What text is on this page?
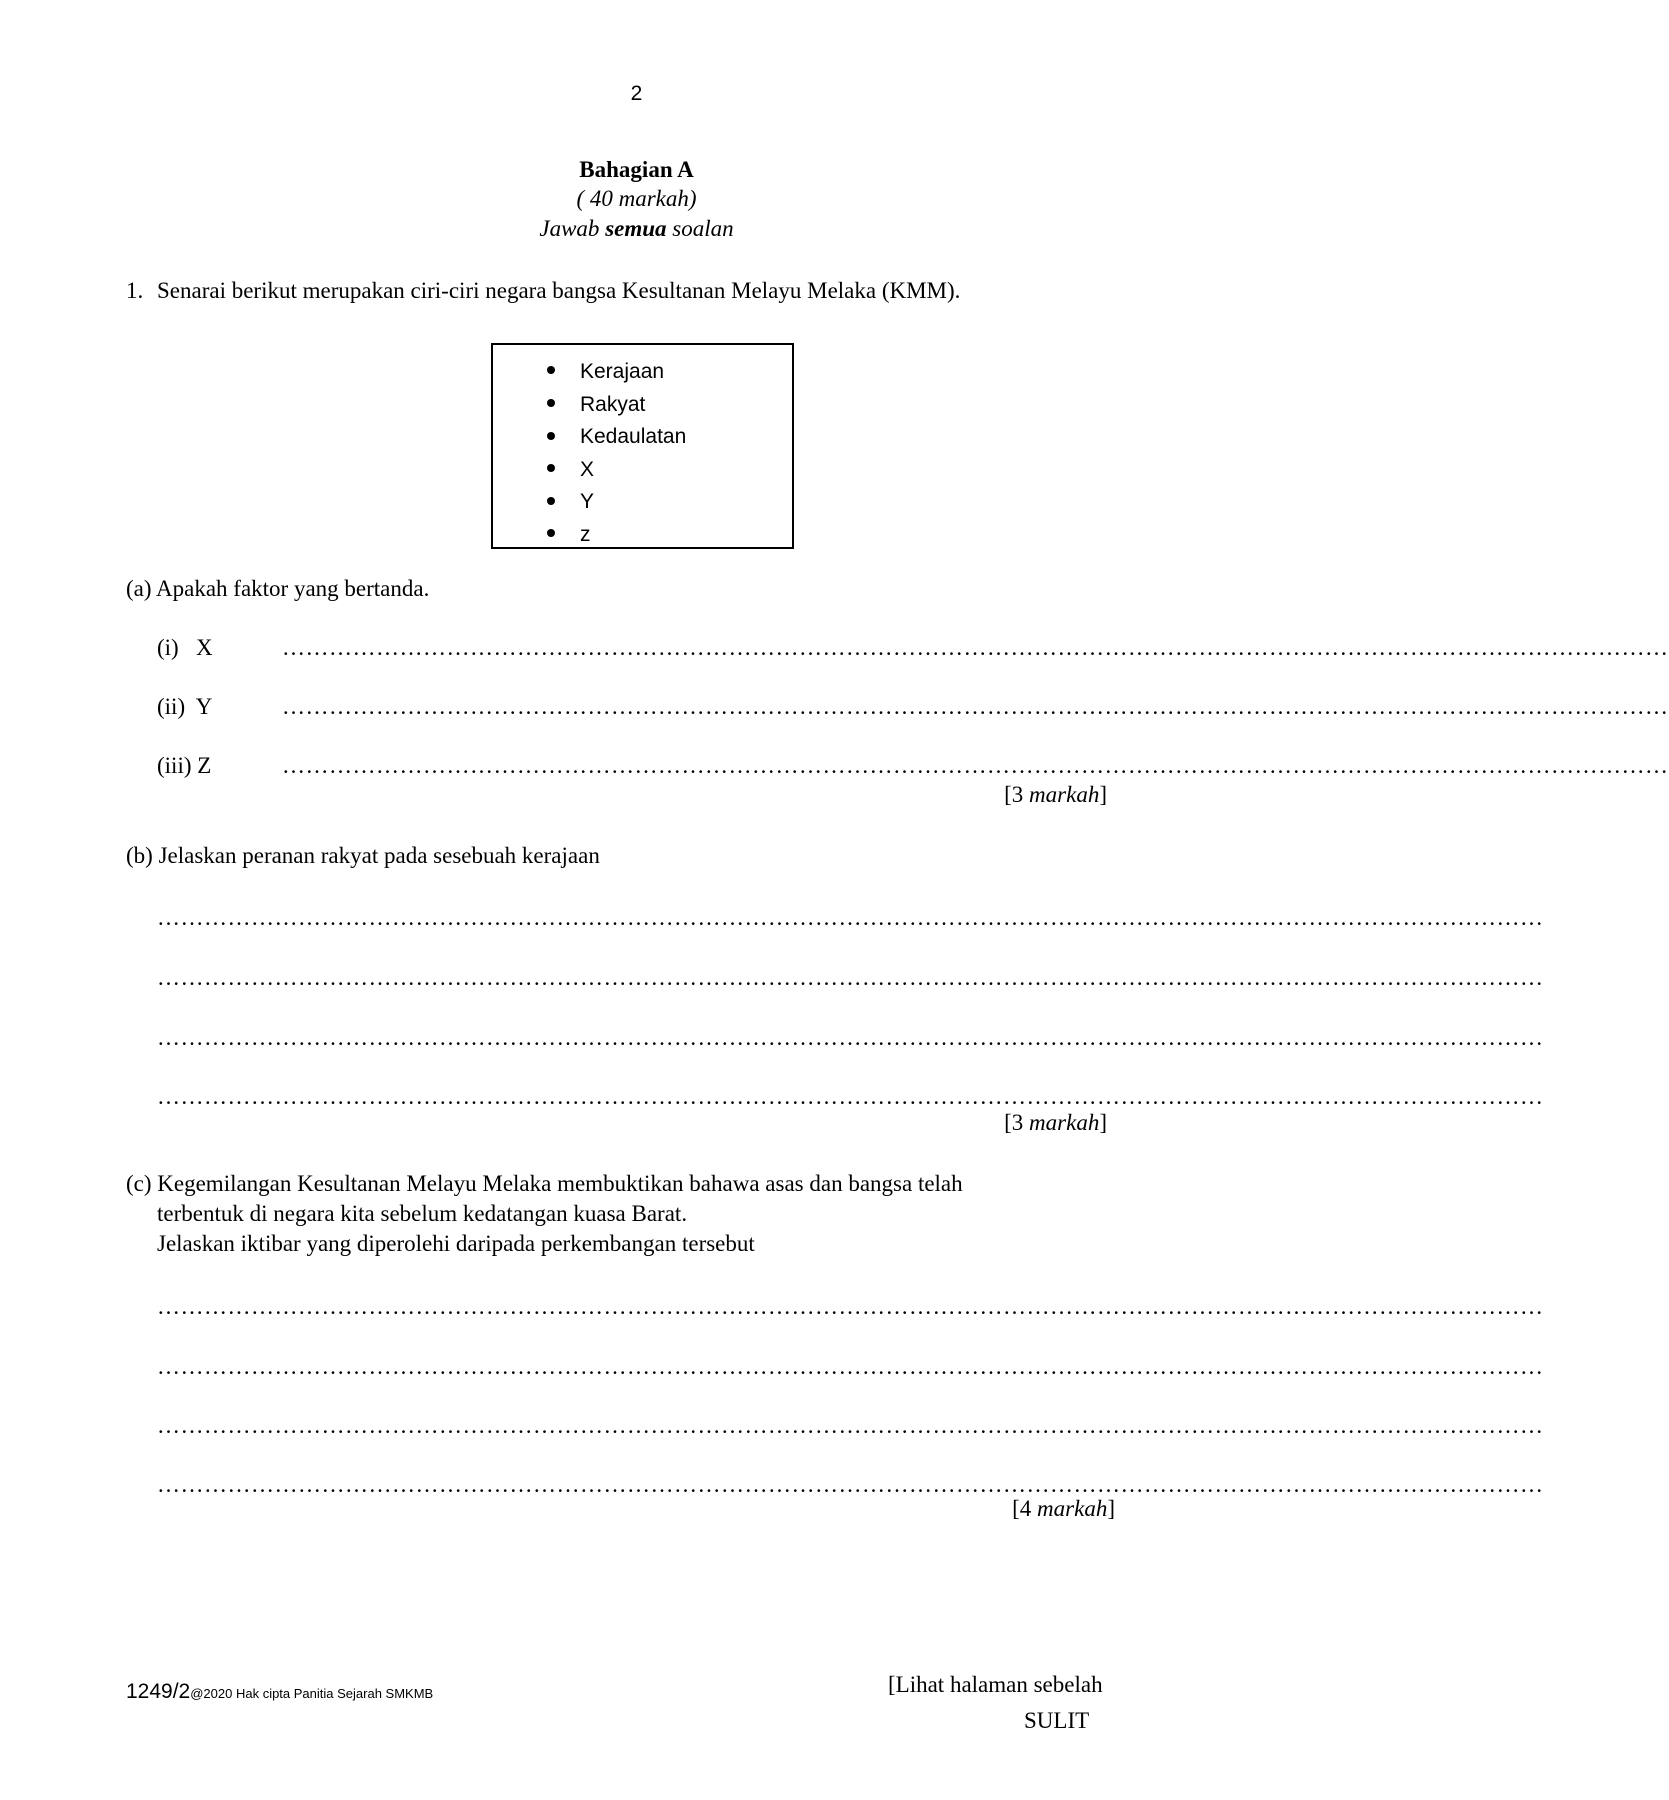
2
Bahagian A
( 40 markah)
Jawab semua soalan
1. Senarai berikut merupakan ciri-ciri negara bangsa Kesultanan Melayu Melaka (KMM).
Kerajaan
Rakyat
Kedaulatan
X
Y
z
(a) Apakah faktor yang bertanda.
(i)   X	……………………………………………………………………………………………………………………………………………………………
(ii)  Y	……………………………………………………………………………………………………………………………………………………………
(iii) Z	……………………………………………………………………………………………………………………………………………………………
[3 markah]
(b) Jelaskan peranan rakyat pada sesebuah kerajaan
……………………………………………………………………………………………………………………………………………………………
……………………………………………………………………………………………………………………………………………………………
……………………………………………………………………………………………………………………………………………………………
……………………………………………………………………………………………………………………………………………………………
[3 markah]
(c) Kegemilangan Kesultanan Melayu Melaka membuktikan bahawa asas dan bangsa telah
terbentuk di negara kita sebelum kedatangan kuasa Barat.
Jelaskan iktibar yang diperolehi daripada perkembangan tersebut
……………………………………………………………………………………………………………………………………………………………
……………………………………………………………………………………………………………………………………………………………
……………………………………………………………………………………………………………………………………………………………
……………………………………………………………………………………………………………………………………………………………
[4 markah]
1249/2@2020 Hak cipta Panitia Sejarah SMKMB	[Lihat halaman sebelah
SULIT
